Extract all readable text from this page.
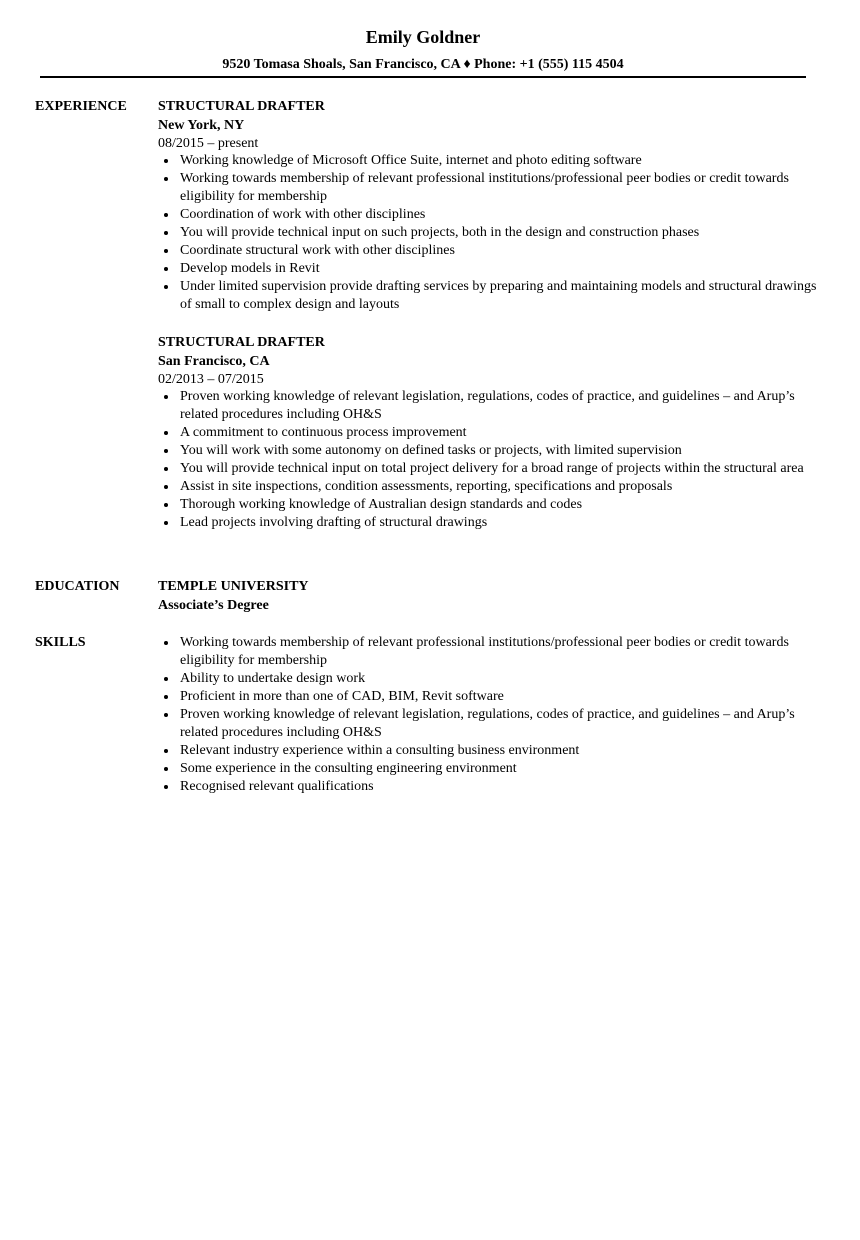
Emily Goldner
9520 Tomasa Shoals, San Francisco, CA ♦ Phone: +1 (555) 115 4504
EXPERIENCE STRUCTURAL DRAFTER
New York, NY
08/2015 – present
Working knowledge of Microsoft Office Suite, internet and photo editing software
Working towards membership of relevant professional institutions/professional peer bodies or credit towards eligibility for membership
Coordination of work with other disciplines
You will provide technical input on such projects, both in the design and construction phases
Coordinate structural work with other disciplines
Develop models in Revit
Under limited supervision provide drafting services by preparing and maintaining models and structural drawings of small to complex design and layouts
STRUCTURAL DRAFTER
San Francisco, CA
02/2013 – 07/2015
Proven working knowledge of relevant legislation, regulations, codes of practice, and guidelines – and Arup’s related procedures including OH&S
A commitment to continuous process improvement
You will work with some autonomy on defined tasks or projects, with limited supervision
You will provide technical input on total project delivery for a broad range of projects within the structural area
Assist in site inspections, condition assessments, reporting, specifications and proposals
Thorough working knowledge of Australian design standards and codes
Lead projects involving drafting of structural drawings
EDUCATION	TEMPLE UNIVERSITY
Associate’s Degree
SKILLS	Working towards membership of relevant professional institutions/professional peer bodies or credit towards eligibility for membership
Ability to undertake design work
Proficient in more than one of CAD, BIM, Revit software
Proven working knowledge of relevant legislation, regulations, codes of practice, and guidelines – and Arup’s related procedures including OH&S
Relevant industry experience within a consulting business environment
Some experience in the consulting engineering environment
Recognised relevant qualifications
